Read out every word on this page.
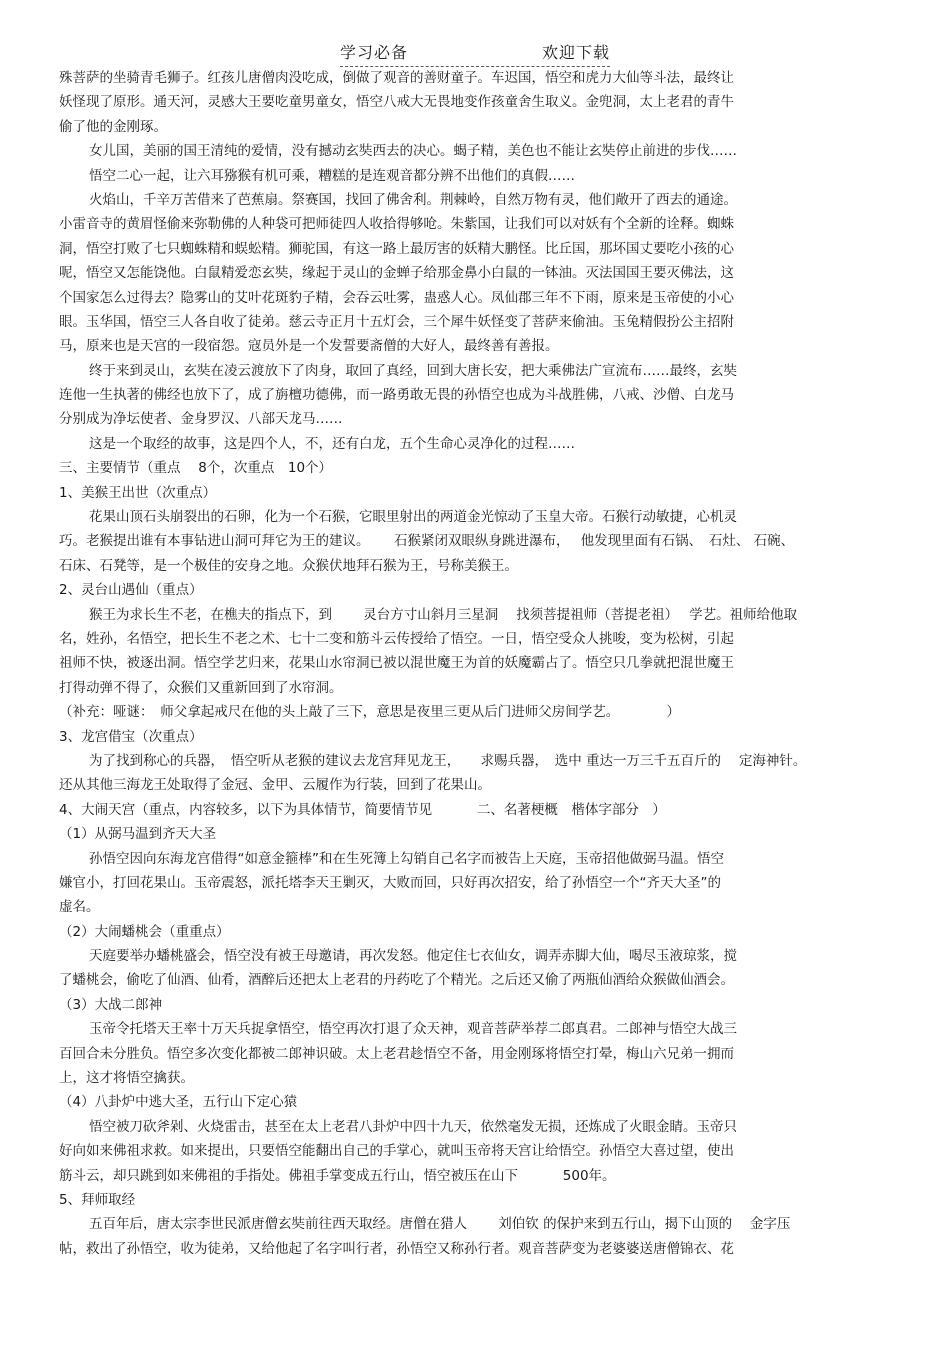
学习必备	欢迎下载
殊菩萨的坐骑青毛狮子。红孩儿唐僧肉没吃成，倒做了观音的善财童子。车迟国，悟空和虎力大仙等斗法，最终让
妖怪现了原形。通天河，灵感大王要吃童男童女，悟空八戒大无畏地变作孩童舍生取义。金兜洞，太上老君的青牛
偷了他的金刚琢。
女儿国，美丽的国王清纯的爱情，没有撼动玄奘西去的决心。蝎子精，美色也不能让玄奘停止前进的步伐……
悟空二心一起，让六耳猕猴有机可乘，糟糕的是连观音都分辨不出他们的真假……
火焰山，千辛万苦借来了芭蕉扇。祭赛国，找回了佛舍利。荆棘岭，自然万物有灵，他们敞开了西去的通途。
小雷音寺的黄眉怪偷来弥勒佛的人种袋可把师徒四人收拾得够呛。朱紫国，让我们可以对妖有个全新的诠释。蜘蛛
洞，悟空打败了七只蜘蛛精和蜈蚣精。狮驼国，有这一路上最厉害的妖精大鹏怪。比丘国，那坏国丈要吃小孩的心
呢，悟空又怎能饶他。白鼠精爱恋玄奘，缘起于灵山的金蝉子给那金鼻小白鼠的一钵油。灭法国国王要灭佛法，这
个国家怎么过得去？隐雾山的艾叶花斑豹子精，会吞云吐雾，蛊惑人心。凤仙郡三年不下雨，原来是玉帝使的小心
眼。玉华国，悟空三人各自收了徒弟。慈云寺正月十五灯会，三个犀牛妖怪变了菩萨来偷油。玉兔精假扮公主招附
马，原来也是天宫的一段宿怨。寇员外是一个发誓要斋僧的大好人，最终善有善报。
终于来到灵山，玄奘在凌云渡放下了肉身，取回了真经，回到大唐长安，把大乘佛法广宣流布……最终，玄奘
连他一生执著的佛经也放下了，成了旃檀功德佛，而一路勇敢无畏的孙悟空也成为斗战胜佛，八戒、沙僧、白龙马
分别成为净坛使者、金身罗汉、八部天龙马……
这是一个取经的故事，这是四个人，不，还有白龙，五个生命心灵净化的过程……
三、主要情节（重点　 8个，次重点　10个）
1、美猴王出世（次重点）
花果山顶石头崩裂出的石卵，化为一个石猴，它眼里射出的两道金光惊动了玉皇大帝。石猴行动敏捷，心机灵
巧。老猴提出谁有本事钻进山洞可拜它为王的建议。　　 石猴紧闭双眼纵身跳进瀑布，　 他发现里面有石锅、　石灶、 石碗、
石床、石凳等，是一个极佳的安身之地。众猴伏地拜石猴为王，号称美猴王。
2、灵台山遇仙（重点）
猴王为求长生不老，在樵夫的指点下，到　　 灵台方寸山斜月三星洞　 找须菩提祖师（菩提老祖）　 学艺。祖师给他取
名，姓孙，名悟空，把长生不老之术、七十二变和筋斗云传授给了悟空。一日，悟空受众人挑唆，变为松树，引起
祖师不快，被逐出洞。悟空学艺归来，花果山水帘洞已被以混世魔王为首的妖魔霸占了。悟空只几拳就把混世魔王
打得动弹不得了，众猴们又重新回到了水帘洞。
（补充：哑谜：　师父拿起戒尺在他的头上敲了三下，意思是夜里三更从后门进师父房间学艺。　　　　）
3、龙宫借宝（次重点）
为了找到称心的兵器，　悟空听从老猴的建议去龙宫拜见龙王，　　求赐兵器，　选中 重达一万三千五百斤的　 定海神针。
还从其他三海龙王处取得了金冠、金甲、云履作为行装，回到了花果山。
4、大闹天宫（重点，内容较多，以下为具体情节，简要情节见　　　 二、名著梗概　楷体字部分　）
（1）从弼马温到齐天大圣
孙悟空因向东海龙宫借得“如意金箍棒”和在生死簿上勾销自己名字而被告上天庭，玉帝招他做弼马温。悟空
嫌官小，打回花果山。玉帝震怒，派托塔李天王剿灭，大败而回，只好再次招安，给了孙悟空一个“齐天大圣”的
虚名。
（2）大闹蟠桃会（重重点）
天庭要举办蟠桃盛会，悟空没有被王母邀请，再次发怒。他定住七衣仙女，调弄赤脚大仙，喝尽玉液琼浆，搅
了蟠桃会，偷吃了仙酒、仙肴，酒醉后还把太上老君的丹药吃了个精光。之后还又偷了两瓶仙酒给众猴做仙酒会。
（3）大战二郎神
玉帝令托塔天王率十万天兵捉拿悟空，悟空再次打退了众天神，观音菩萨举荐二郎真君。二郎神与悟空大战三
百回合未分胜负。悟空多次变化都被二郎神识破。太上老君趁悟空不备，用金刚琢将悟空打晕，梅山六兄弟一拥而
上，这才将悟空擒获。
（4）八卦炉中逃大圣，五行山下定心猿
悟空被刀砍斧剁、火烧雷击，甚至在太上老君八卦炉中四十九天，依然毫发无损，还炼成了火眼金睛。玉帝只
好向如来佛祖求救。如来提出，只要悟空能翻出自己的手掌心，就叫玉帝将天宫让给悟空。孙悟空大喜过望，使出
筋斗云，却只跳到如来佛祖的手指处。佛祖手掌变成五行山，悟空被压在山下　　　 500年。
5、拜师取经
五百年后，唐太宗李世民派唐僧玄奘前往西天取经。唐僧在猎人　　 刘伯钦 的保护来到五行山，揭下山顶的　 金字压
帖，救出了孙悟空，收为徒弟，又给他起了名字叫行者，孙悟空又称孙行者。观音菩萨变为老婆婆送唐僧锦衣、花
